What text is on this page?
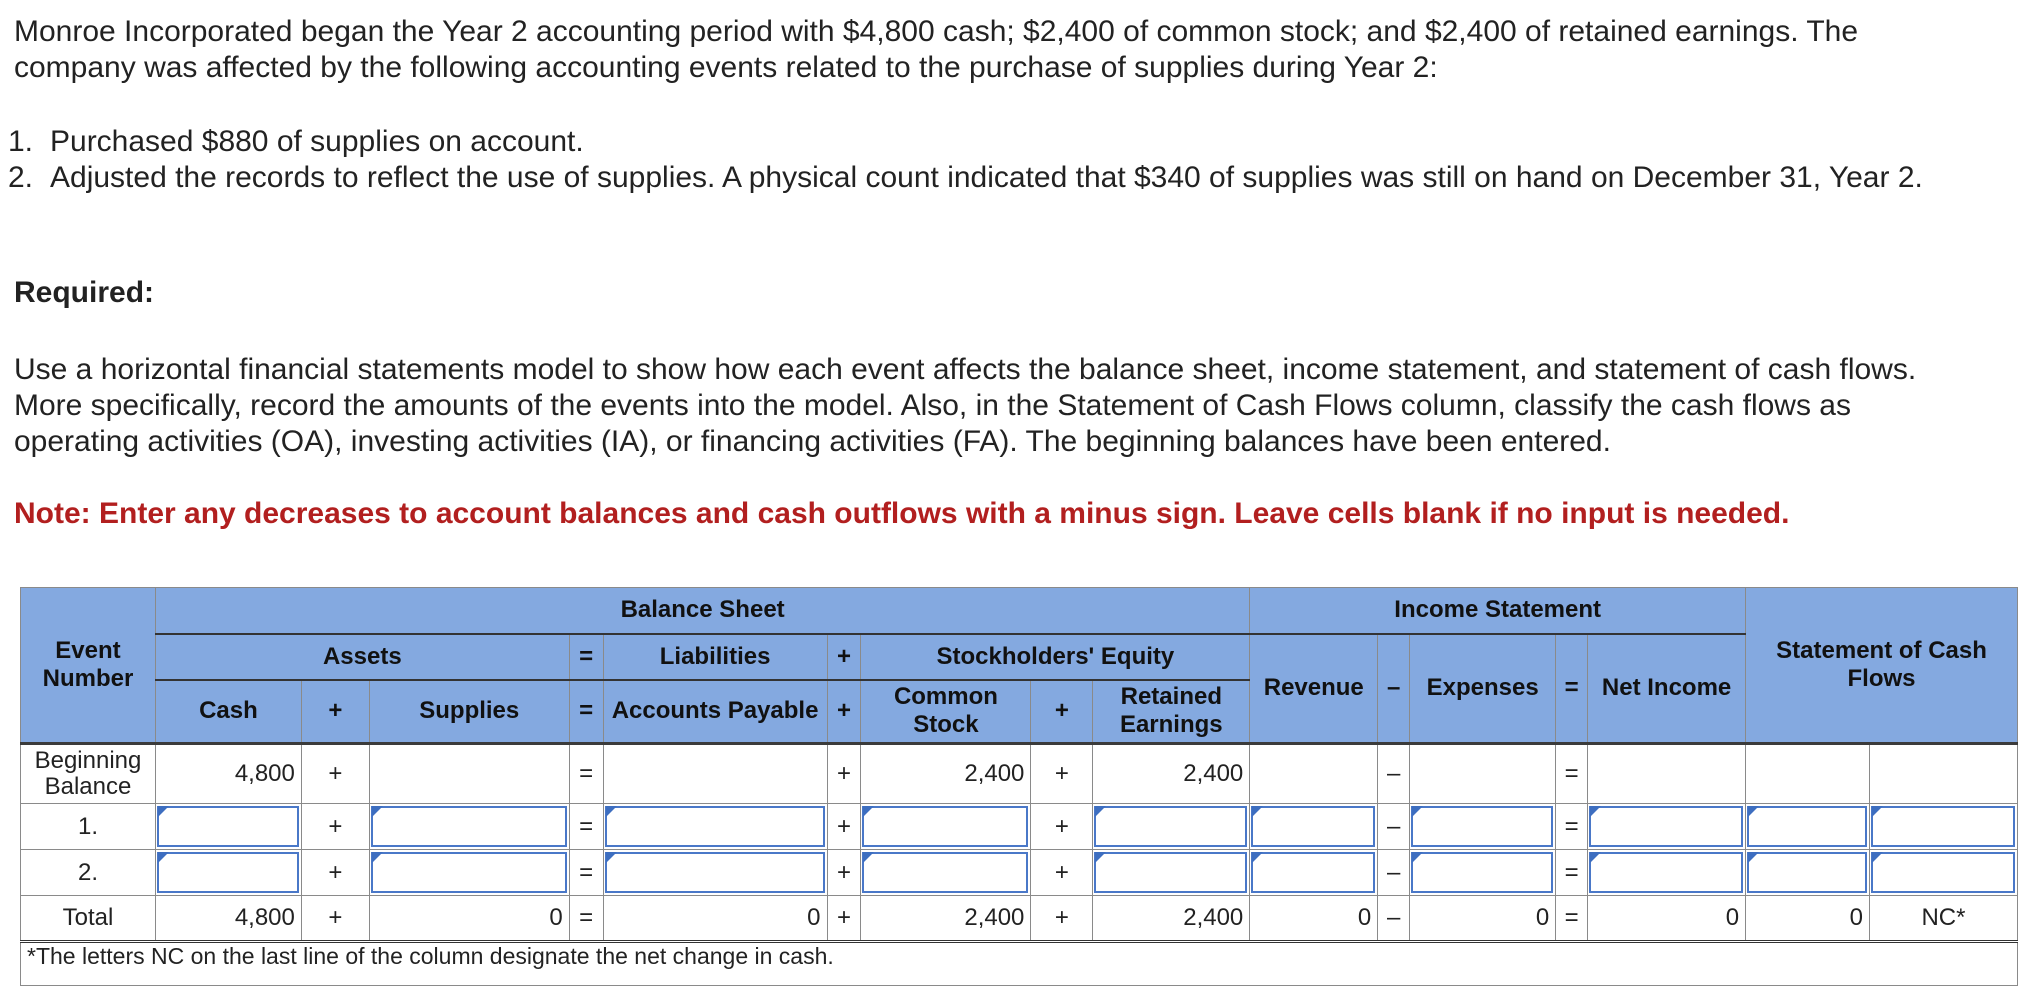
Monroe Incorporated began the Year 2 accounting period with $4,800 cash; $2,400 of common stock; and $2,400 of retained earnings. The company was affected by the following accounting events related to the purchase of supplies during Year 2:

1. Purchased $880 of supplies on account.
2. Adjusted the records to reflect the use of supplies. A physical count indicated that $340 of supplies was still on hand on December 31, Year 2.

Required:

Use a horizontal financial statements model to show how each event affects the balance sheet, income statement, and statement of cash flows. More specifically, record the amounts of the events into the model. Also, in the Statement of Cash Flows column, classify the cash flows as operating activities (OA), investing activities (IA), or financing activities (FA). The beginning balances have been entered.

Note: Enter any decreases to account balances and cash outflows with a minus sign. Leave cells blank if no input is needed.

Event Number	Balance Sheet									Income Statement					Statement of Cash Flows	
	Assets			=	Liabilities	+	Stockholders' Equity			Revenue	–	Expenses	=	Net Income		
	Cash	+	Supplies	=	Accounts Payable	+	Common Stock	+	Retained Earnings							
Beginning Balance	4,800	+		=		+	2,400	+	2,400		–		=			
1.		+		=		+		+			–		=	

2.		+		=		+		+			–		=	

Total	4,800	+	0	=	0	+	2,400	+	2,400	0	–	0	=	0	0	NC*
*The letters NC on the last line of the column designate the net change in cash.																
